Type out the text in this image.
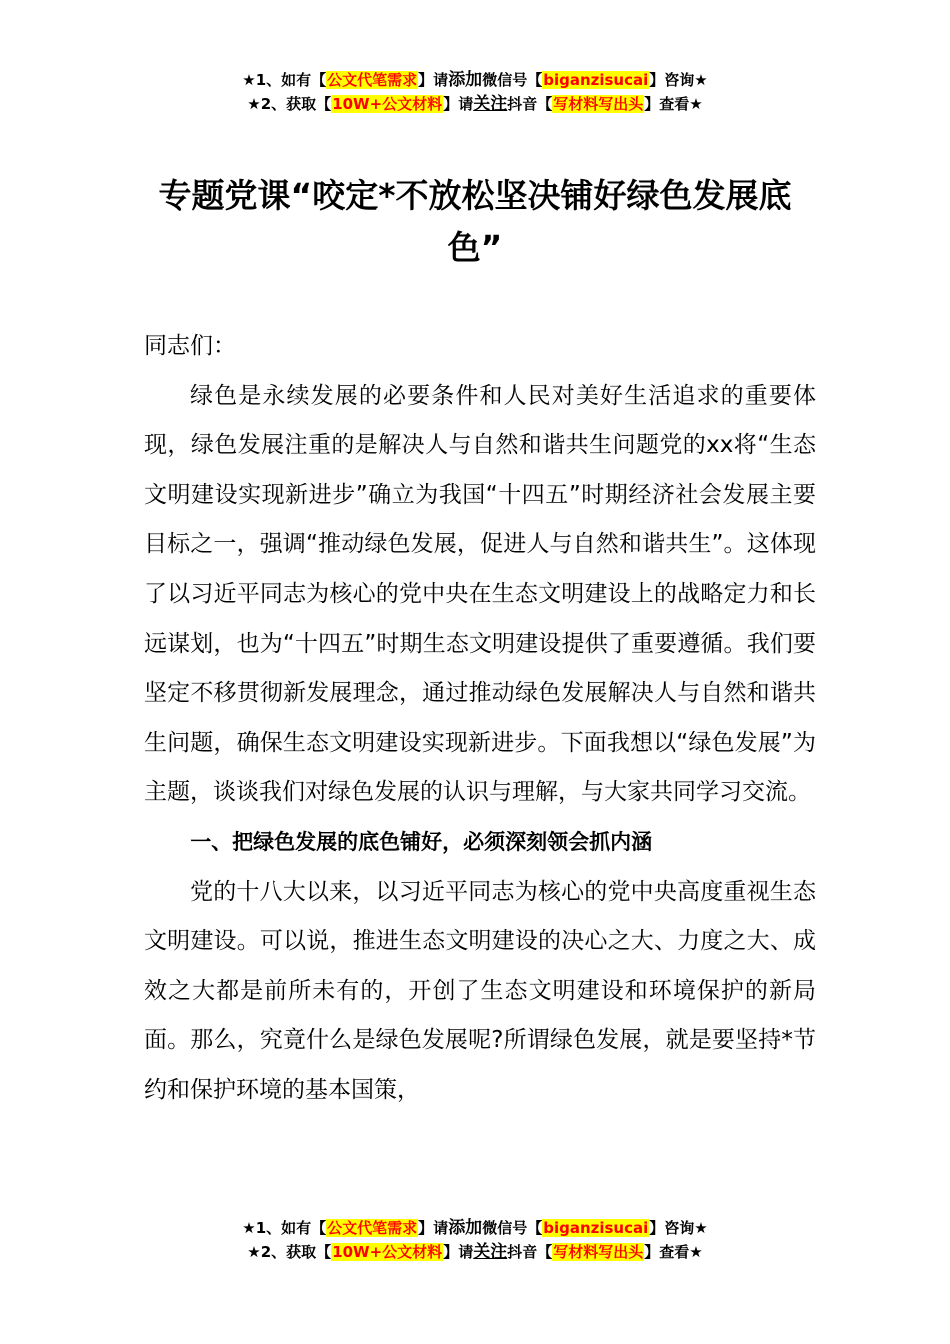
★1、如有【公文代笔需求】请添加微信号【biganzisucai】咨询★
★2、获取【10W+公文材料】请关注抖音【写材料写出头】查看★
专题党课“咬定*不放松坚决铺好绿色发展底色”

同志们：

绿色是永续发展的必要条件和人民对美好生活追求的重要体现，绿色发展注重的是解决人与自然和谐共生问题党的xx将“生态文明建设实现新进步”确立为我国“十四五”时期经济社会发展主要目标之一，强调“推动绿色发展，促进人与自然和谐共生”。这体现了以习近平同志为核心的党中央在生态文明建设上的战略定力和长远谋划，也为“十四五”时期生态文明建设提供了重要遵循。我们要坚定不移贯彻新发展理念，通过推动绿色发展解决人与自然和谐共生问题，确保生态文明建设实现新进步。下面我想以“绿色发展”为主题，谈谈我们对绿色发展的认识与理解，与大家共同学习交流。

一、把绿色发展的底色铺好，必须深刻领会抓内涵

党的十八大以来，以习近平同志为核心的党中央高度重视生态文明建设。可以说，推进生态文明建设的决心之大、力度之大、成效之大都是前所未有的，开创了生态文明建设和环境保护的新局面。那么，究竟什么是绿色发展呢?所谓绿色发展，就是要坚持*节约和保护环境的基本国策，

★1、如有【公文代笔需求】请添加微信号【biganzisucai】咨询★
★2、获取【10W+公文材料】请关注抖音【写材料写出头】查看★
